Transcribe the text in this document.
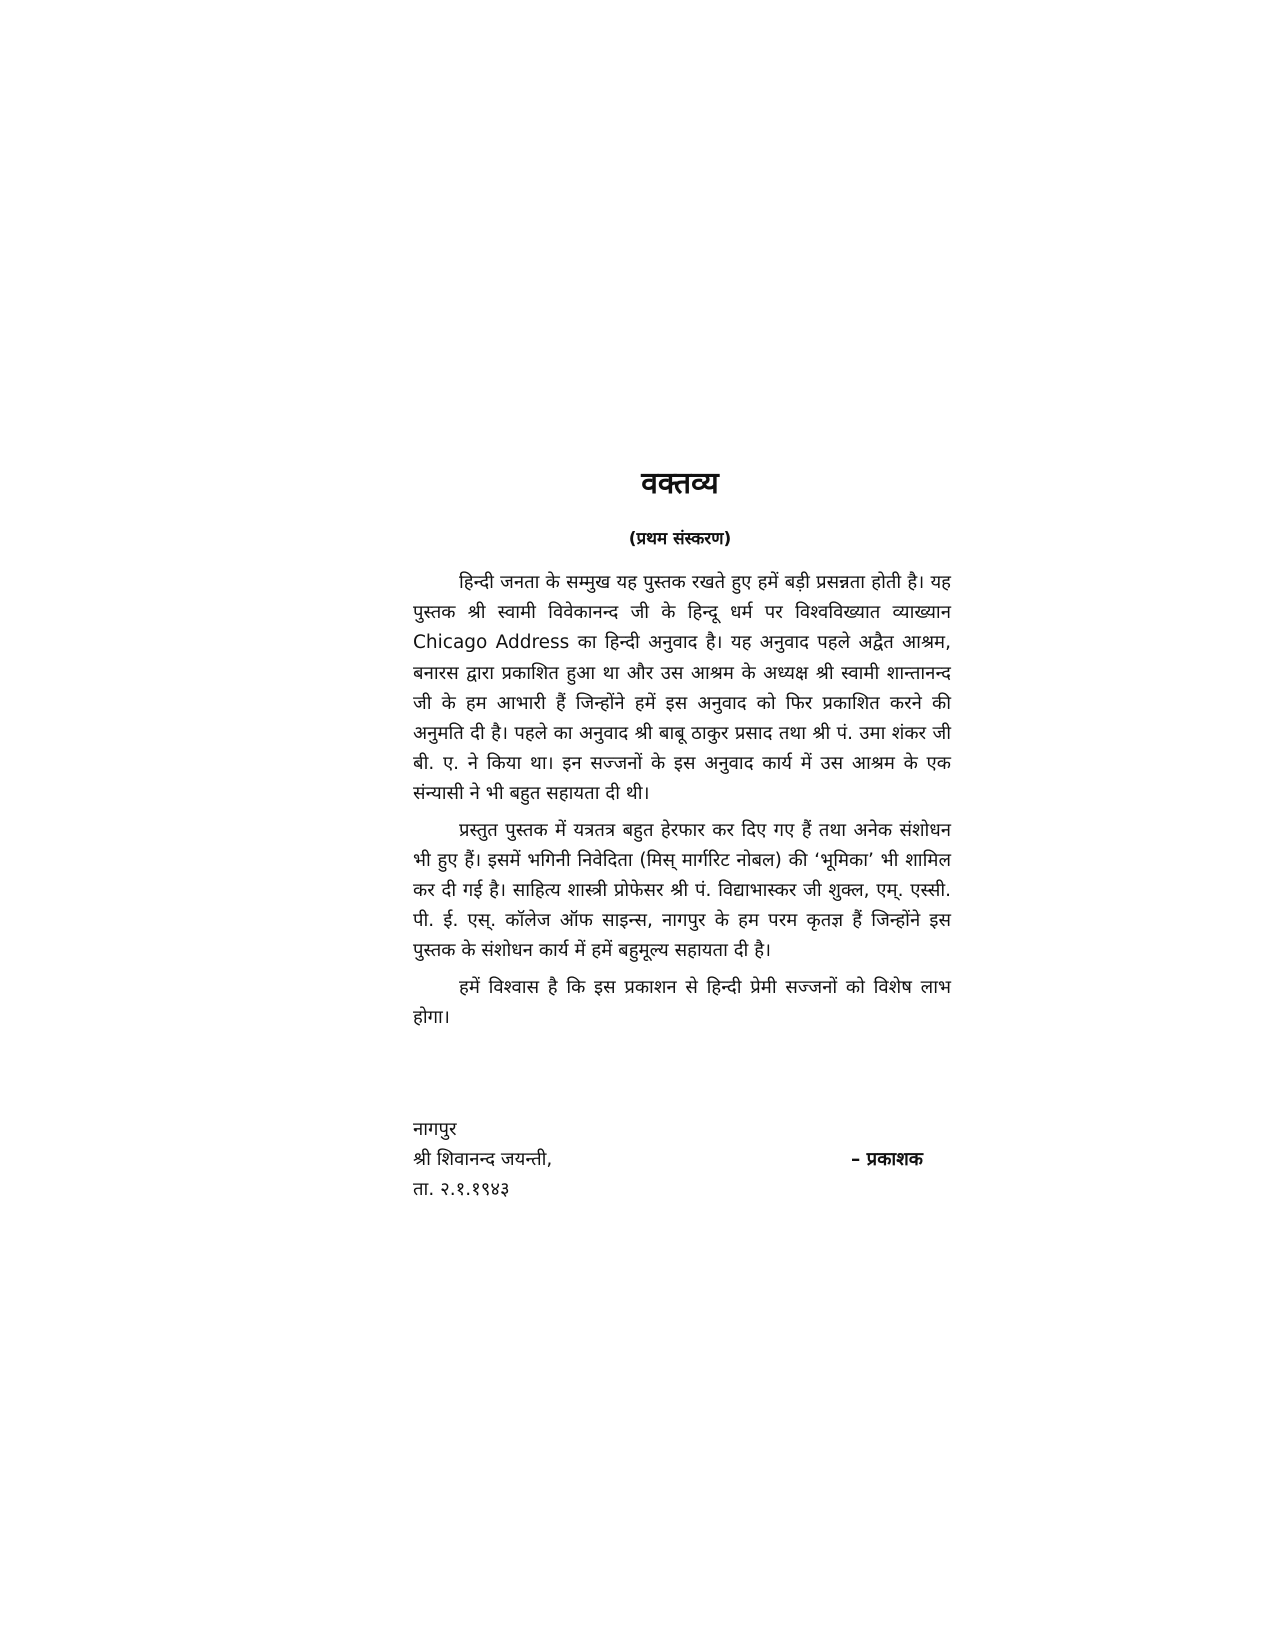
वक्तव्य
(प्रथम संस्करण)

हिन्दी जनता के सम्मुख यह पुस्तक रखते हुए हमें बड़ी प्रसन्नता होती है। यह पुस्तक श्री स्वामी विवेकानन्द जी के हिन्दू धर्म पर विश्वविख्यात व्याख्यान Chicago Address का हिन्दी अनुवाद है। यह अनुवाद पहले अद्वैत आश्रम, बनारस द्वारा प्रकाशित हुआ था और उस आश्रम के अध्यक्ष श्री स्वामी शान्तानन्द जी के हम आभारी हैं जिन्होंने हमें इस अनुवाद को फिर प्रकाशित करने की अनुमति दी है। पहले का अनुवाद श्री बाबू ठाकुर प्रसाद तथा श्री पं. उमा शंकर जी बी. ए. ने किया था। इन सज्जनों के इस अनुवाद कार्य में उस आश्रम के एक संन्यासी ने भी बहुत सहायता दी थी।

प्रस्तुत पुस्तक में यत्रतत्र बहुत हेरफार कर दिए गए हैं तथा अनेक संशोधन भी हुए हैं। इसमें भगिनी निवेदिता (मिस् मार्गरिट नोबल) की ‘भूमिका’ भी शामिल कर दी गई है। साहित्य शास्त्री प्रोफेसर श्री पं. विद्याभास्कर जी शुक्ल, एम्. एस्सी. पी. ई. एस्. कॉलेज ऑफ साइन्स, नागपुर के हम परम कृतज्ञ हैं जिन्होंने इस पुस्तक के संशोधन कार्य में हमें बहुमूल्य सहायता दी है।

हमें विश्वास है कि इस प्रकाशन से हिन्दी प्रेमी सज्जनों को विशेष लाभ होगा।

नागपुर
श्री शिवानन्द जयन्ती,
ता. २.१.१९४३
– प्रकाशक
